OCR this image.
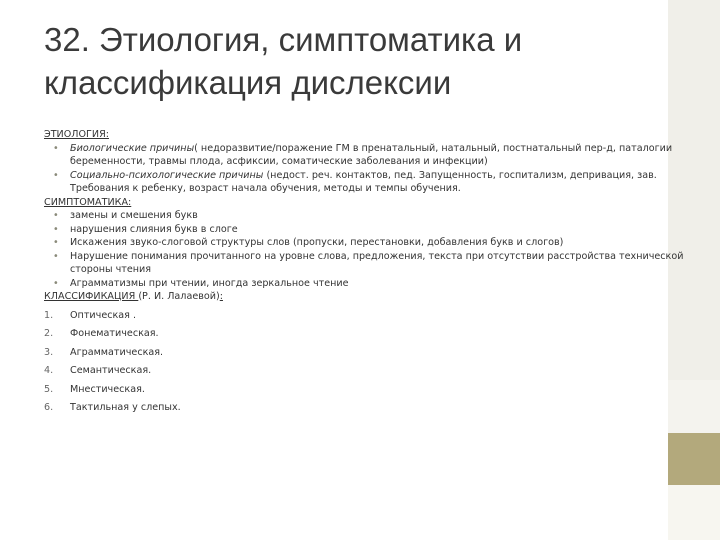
32. Этиология, симптоматика и классификация дислексии
ЭТИОЛОГИЯ:
• Биологические причины( недоразвитие/поражение ГМ в пренатальный, натальный, постнатальный пер-д, паталогии беременности, травмы плода, асфиксии, соматические заболевания и инфекции)
• Социально-психологические причины (недост. реч. контактов, пед. Запущенность, госпитализм, депривация, зав. Требования к ребенку, возраст начала обучения, методы и темпы обучения.
СИМПТОМАТИКА:
• замены и смешения букв
• нарушения слияния букв в слоге
• Искажения звуко-слоговой структуры слов (пропуски, перестановки, добавления букв и слогов)
• Нарушение понимания прочитанного на уровне слова, предложения, текста при отсутствии расстройства технической стороны чтения
• Аграмматизмы при чтении, иногда зеркальное чтение
КЛАССИФИКАЦИЯ (Р. И. Лалаевой):
1. Оптическая .
2. Фонематическая.
3. Аграмматическая.
4. Семантическая.
5. Мнестическая.
6. Тактильная у слепых.
